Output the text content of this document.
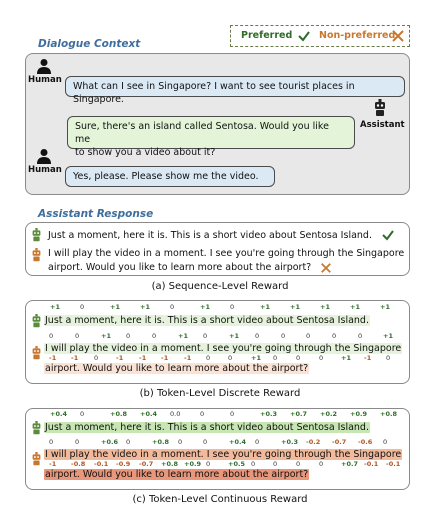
Preferred	Non-preferred
Dialogue Context
Human
What can I see in Singapore? I want to see tourist places in Singapore.
Assistant
Sure, there's an island called Sentosa. Would you like me
to show you a video about it?
Human
Yes, please. Please show me the video.
Assistant Response
Just a moment, here it is. This is a short video about Sentosa Island.
I will play the video in a moment. I see you're going through the Singapore
airport. Would you like to learn more about the airport?
(a) Sequence-Level Reward
+1	0	+1	+1	0	+1	0	+1	+1	+1	+1	+1
Just a moment, here it is. This is a short video about Sentosa Island.
0	0	+1 0	0	+1 0	+1 0	0	0	0	0	+1
I will play the video in a moment. I see you're going through the Singapore
-1 -1 0	-1 -1 -1 -1 0	0	+1 0	0	0	+1 -1 0
airport. Would you like to learn more about the airport?
(b) Token-Level Discrete Reward
+0.4 0	+0.8 +0.4 0.0	0	0	+0.3 +0.7 +0.2 +0.9 +0.8
Just a moment, here it is. This is a short video about Sentosa Island.
0	0	+0.6 0	+0.8 0	0	+0.4 0	+0.3 -0.2 -0.7 -0.6 0
I will play the video in a moment. I see you're going through the Singapore
-1 -0.8 -0.1 -0.9 -0.7 +0.8 +0.9 0	+0.5 0	0	0	0	+0.7 -0.1 -0.1
airport. Would you like to learn more about the airport?
(c) Token-Level Continuous Reward
